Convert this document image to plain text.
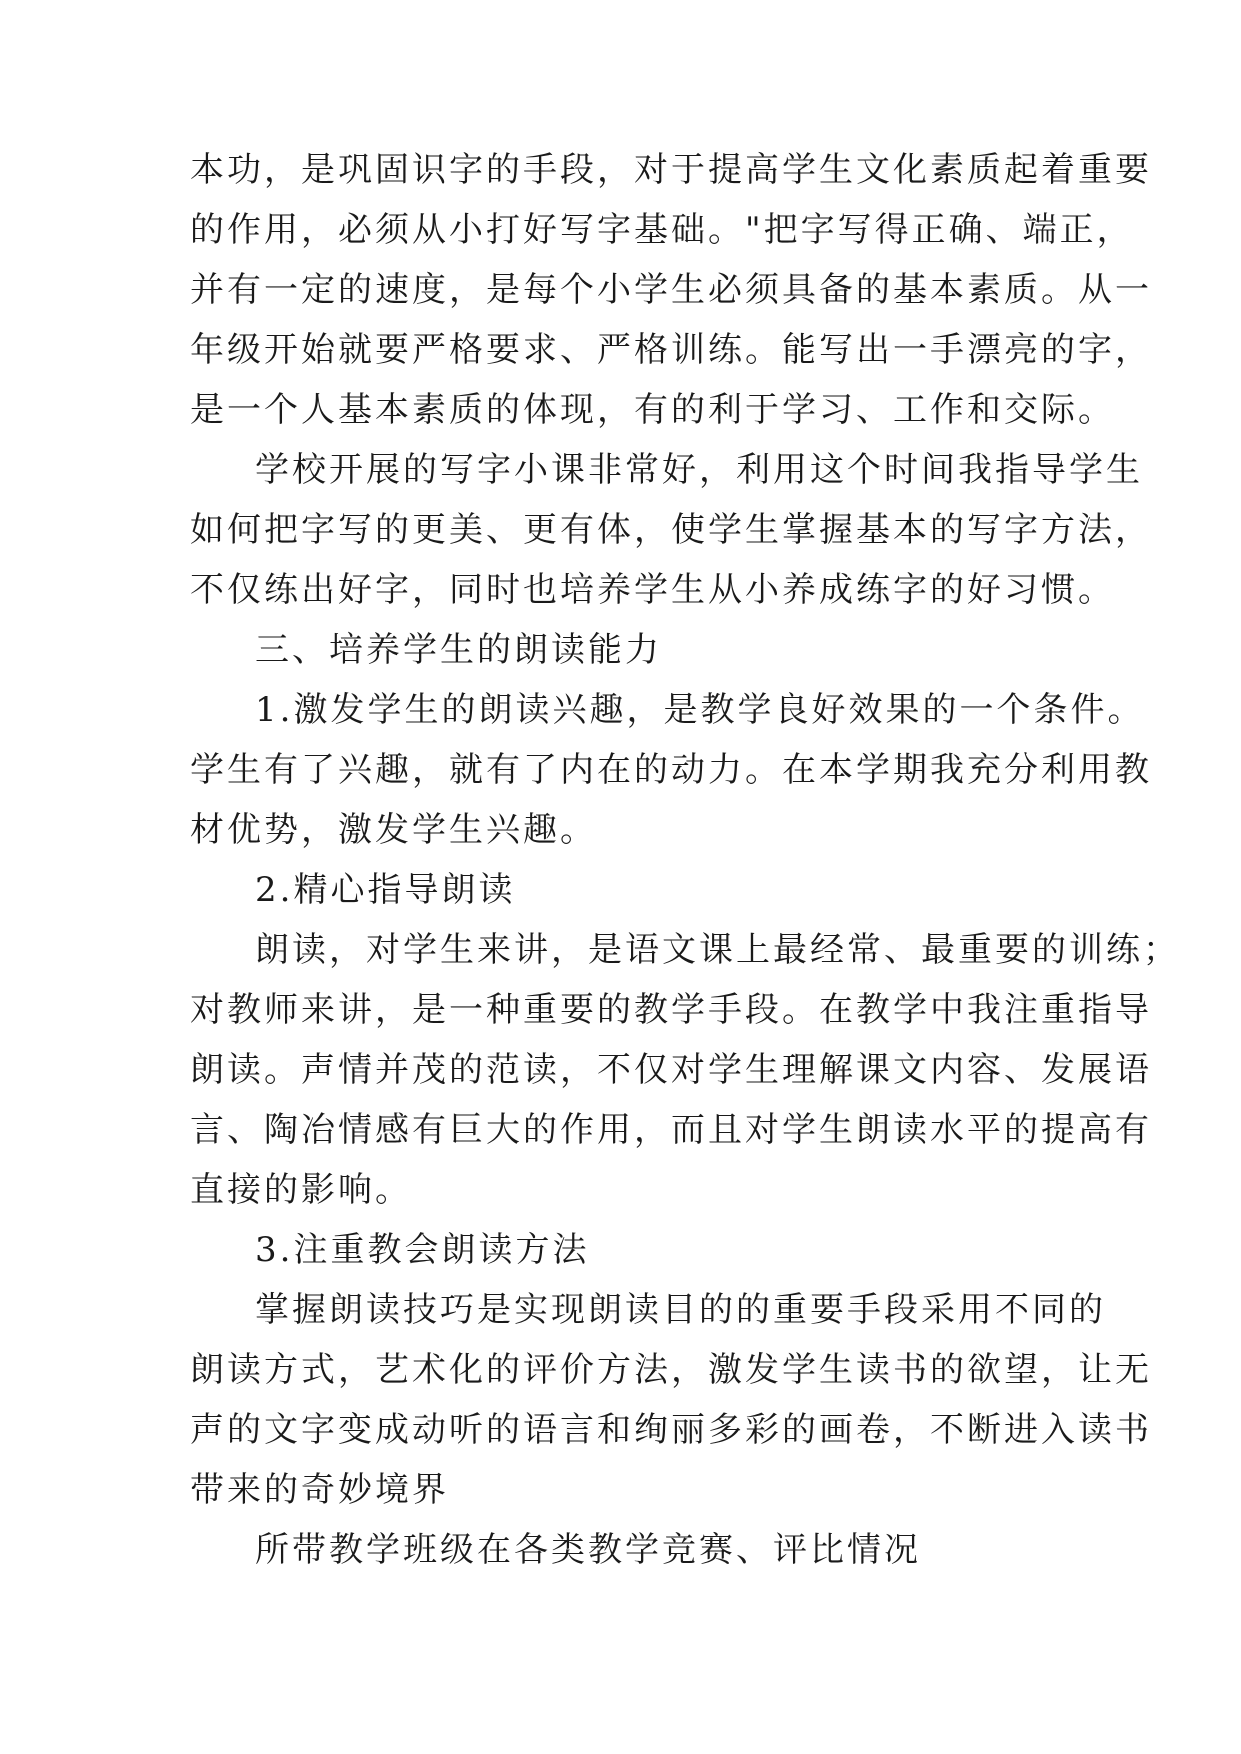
本功，是巩固识字的手段，对于提高学生文化素质起着重要
的作用，必须从小打好写字基础。"把字写得正确、端正，
并有一定的速度，是每个小学生必须具备的基本素质。从一
年级开始就要严格要求、严格训练。能写出一手漂亮的字，
是一个人基本素质的体现，有的利于学习、工作和交际。
学校开展的写字小课非常好，利用这个时间我指导学生
如何把字写的更美、更有体，使学生掌握基本的写字方法，
不仅练出好字，同时也培养学生从小养成练字的好习惯。
三、培养学生的朗读能力
1.激发学生的朗读兴趣，是教学良好效果的一个条件。
学生有了兴趣，就有了内在的动力。在本学期我充分利用教
材优势，激发学生兴趣。
2.精心指导朗读
朗读，对学生来讲，是语文课上最经常、最重要的训练；
对教师来讲，是一种重要的教学手段。在教学中我注重指导
朗读。声情并茂的范读，不仅对学生理解课文内容、发展语
言、陶冶情感有巨大的作用，而且对学生朗读水平的提高有
直接的影响。
3.注重教会朗读方法
掌握朗读技巧是实现朗读目的的重要手段采用不同的
朗读方式，艺术化的评价方法，激发学生读书的欲望，让无
声的文字变成动听的语言和绚丽多彩的画卷，不断进入读书
带来的奇妙境界
所带教学班级在各类教学竞赛、评比情况
